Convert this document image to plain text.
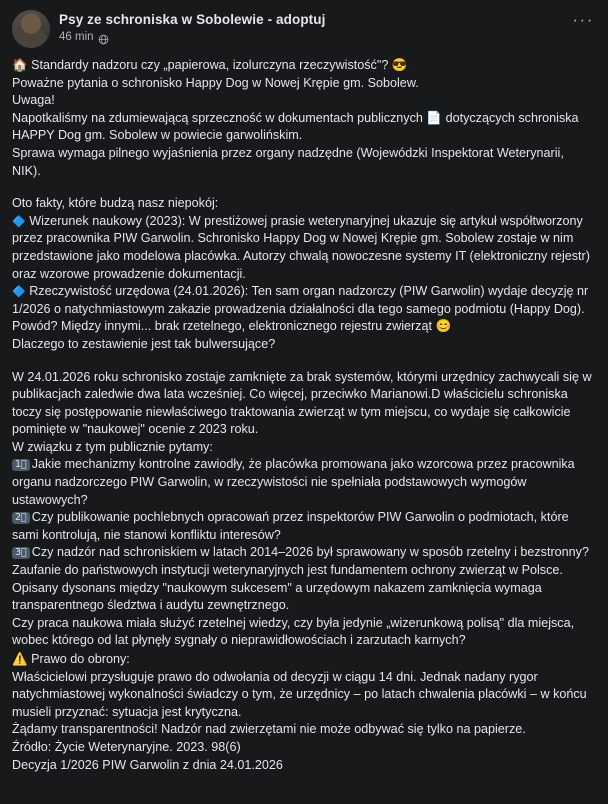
Psy ze schroniska w Sobolewie - adoptuj
46 min
···

🏠 Standardy nadzoru czy „papierowa, izolurczyna rzeczywistość"? 😎

Poważne pytania o schronisko Happy Dog w Nowej Krępie gm. Sobolew.

Uwaga!

Napotkaliśmy na zdumiewającą sprzeczność w dokumentach publicznych 📄 dotyczących schroniska HAPPY Dog gm. Sobolew w powiecie garwolińskim.

Sprawa wymaga pilnego wyjaśnienia przez organy nadzędne (Wojewódzki Inspektorat Weterynarii, NIK).

Oto fakty, które budzą nasz niepokój:

🔷 Wizerunek naukowy (2023): W prestiżowej prasie weterynaryjnej ukazuje się artykuł współtworzony przez pracownika PIW Garwolin. Schronisko Happy Dog w Nowej Krępie gm. Sobolew zostaje w nim przedstawione jako modelowa placówka. Autorzy chwalą nowoczesne systemy IT (elektroniczny rejestr) oraz wzorowe prowadzenie dokumentacji.

🔷 Rzeczywistość urzędowa (24.01.2026): Ten sam organ nadzorczy (PIW Garwolin) wydaje decyzję nr 1/2026 o natychmiastowym zakazie prowadzenia działalności dla tego samego podmiotu (Happy Dog).

Powód? Między innymi... brak rzetelnego, elektronicznego rejestru zwierząt 😊

Dlaczego to zestawienie jest tak bulwersujące?

W 24.01.2026 roku schronisko zostaje zamknięte za brak systemów, którymi urzędnicy zachwycali się w publikacjach zaledwie dwa lata wcześniej. Co więcej, przeciwko Marianowi.D właścicielu schroniska toczy się postępowanie niewłaściwego traktowania zwierząt w tym miejscu, co wydaje się całkowicie pominięte w "naukowej" ocenie z 2023 roku.

W związku z tym publicznie pytamy:

1⃣ Jakie mechanizmy kontrolne zawiodły, że placówka promowana jako wzorcowa przez pracownika organu nadzorczego PIW Garwolin, w rzeczywistości nie spełniała podstawowych wymogów ustawowych?

2⃣ Czy publikowanie pochlebnych opracowań przez inspektorów PIW Garwolin o podmiotach, które sami kontrolują, nie stanowi konfliktu interesów?

3⃣ Czy nadzór nad schroniskiem w latach 2014–2026 był sprawowany w sposób rzetelny i bezstronny?

Zaufanie do państwowych instytucji weterynaryjnych jest fundamentem ochrony zwierząt w Polsce. Opisany dysonans między "naukowym sukcesem" a urzędowym nakazem zamknięcia wymaga transparentnego śledztwa i audytu zewnętrznego.

Czy praca naukowa miała służyć rzetelnej wiedzy, czy była jedynie „wizerunkową polisą" dla miejsca, wobec którego od lat płynęły sygnały o nieprawidłowościach i zarzutach karnych?

⚠️ Prawo do obrony:

Właścicielowi przysługuje prawo do odwołania od decyzji w ciągu 14 dni. Jednak nadany rygor natychmiastowej wykonalności świadczy o tym, że urzędnicy – po latach chwalenia placówki – w końcu musieli przyznać: sytuacja jest krytyczna.

Żądamy transparentności! Nadzór nad zwierzętami nie może odbywać się tylko na papierze.

Źródło: Życie Weterynaryjne. 2023. 98(6)

Decyzja 1/2026 PIW Garwolin z dnia 24.01.2026
